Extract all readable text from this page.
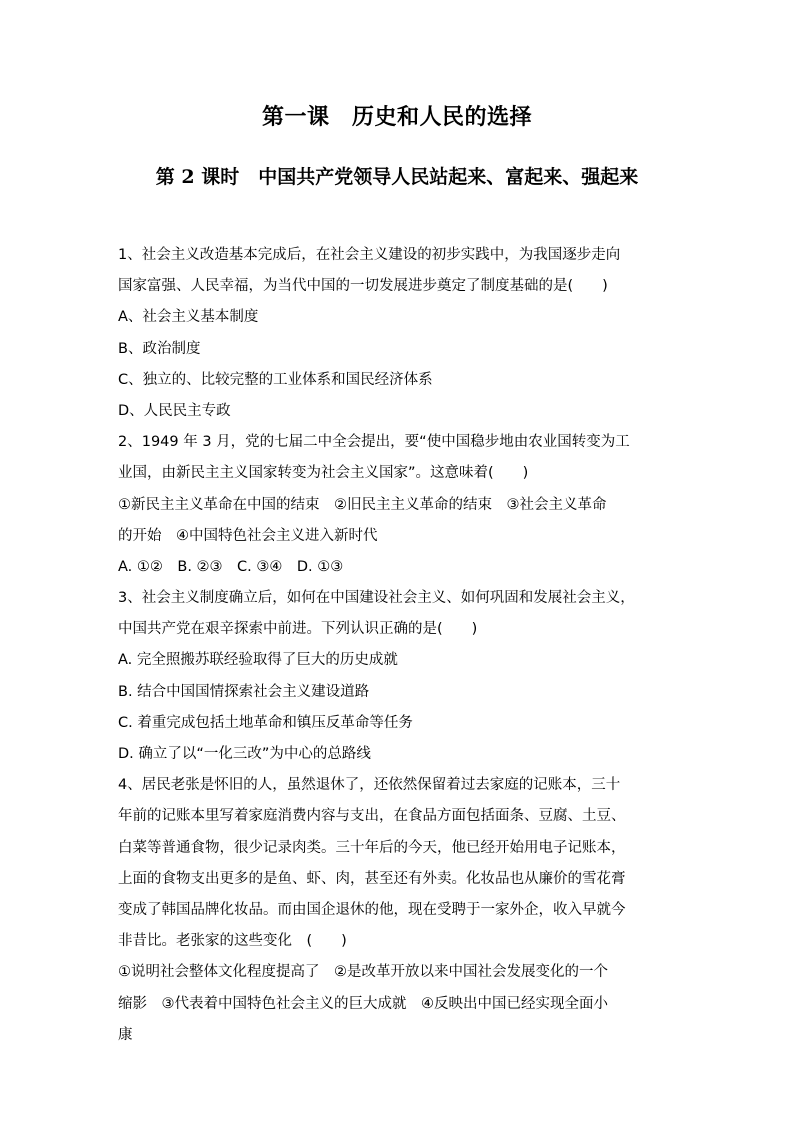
第一课　历史和人民的选择
第 2 课时　中国共产党领导人民站起来、富起来、强起来
1、社会主义改造基本完成后，在社会主义建设的初步实践中，为我国逐步走向
国家富强、人民幸福，为当代中国的一切发展进步奠定了制度基础的是(　　)
A、社会主义基本制度
B、政治制度
C、独立的、比较完整的工业体系和国民经济体系
D、人民民主专政
2、1949 年 3 月，党的七届二中全会提出，要“使中国稳步地由农业国转变为工
业国，由新民主主义国家转变为社会主义国家”。这意味着(　　)
①新民主主义革命在中国的结束　②旧民主主义革命的结束　③社会主义革命
的开始　④中国特色社会主义进入新时代
A. ①②　B. ②③　C. ③④　D. ①③
3、社会主义制度确立后，如何在中国建设社会主义、如何巩固和发展社会主义，
中国共产党在艰辛探索中前进。下列认识正确的是(　　)
A. 完全照搬苏联经验取得了巨大的历史成就
B. 结合中国国情探索社会主义建设道路
C. 着重完成包括土地革命和镇压反革命等任务
D. 确立了以“一化三改”为中心的总路线
4、居民老张是怀旧的人，虽然退休了，还依然保留着过去家庭的记账本，三十
年前的记账本里写着家庭消费内容与支出，在食品方面包括面条、豆腐、土豆、
白菜等普通食物，很少记录肉类。三十年后的今天，他已经开始用电子记账本，
上面的食物支出更多的是鱼、虾、肉，甚至还有外卖。化妆品也从廉价的雪花膏
变成了韩国品牌化妆品。而由国企退休的他，现在受聘于一家外企，收入早就今
非昔比。老张家的这些变化　(　　)
①说明社会整体文化程度提高了　②是改革开放以来中国社会发展变化的一个
缩影　③代表着中国特色社会主义的巨大成就　④反映出中国已经实现全面小
康
